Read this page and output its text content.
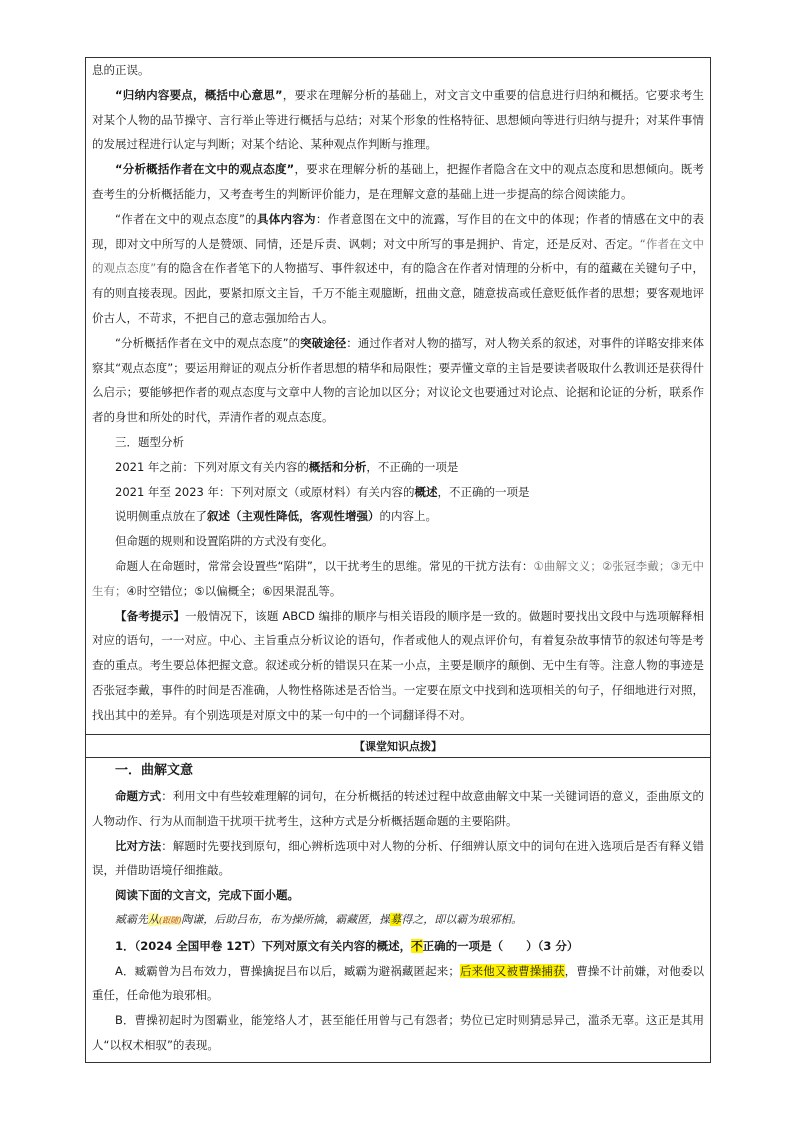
息的正误。

“归纳内容要点，概括中心意思”，要求在理解分析的基础上，对文言文中重要的信息进行归纳和概括。它要求考生对某个人物的品节操守、言行举止等进行概括与总结；对某个形象的性格特征、思想倾向等进行归纳与提升；对某件事情的发展过程进行认定与判断；对某个结论、某种观点作判断与推理。

“分析概括作者在文中的观点态度”，要求在理解分析的基础上，把握作者隐含在文中的观点态度和思想倾向。既考查考生的分析概括能力，又考查考生的判断评价能力，是在理解文意的基础上进一步提高的综合阅读能力。

“作者在文中的观点态度”的具体内容为：作者意图在文中的流露，写作目的在文中的体现；作者的情感在文中的表现，即对文中所写的人是赞颂、同情，还是斥责、讽刺；对文中所写的事是拥护、肯定，还是反对、否定。“作者在文中的观点态度”有的隐含在作者笔下的人物描写、事件叙述中，有的隐含在作者对情理的分析中，有的蕴藏在关键句子中，有的则直接表现。因此，要紧扣原文主旨，千万不能主观臆断，扭曲文意，随意拔高或任意贬低作者的思想；要客观地评价古人，不苛求，不把自己的意志强加给古人。

“分析概括作者在文中的观点态度”的突破途径：通过作者对人物的描写，对人物关系的叙述，对事件的详略安排来体察其“观点态度”；要运用辩证的观点分析作者思想的精华和局限性；要弄懂文章的主旨是要读者吸取什么教训还是获得什么启示；要能够把作者的观点态度与文章中人物的言论加以区分；对议论文也要通过对论点、论据和论证的分析，联系作者的身世和所处的时代，弄清作者的观点态度。

三．题型分析

2021 年之前：下列对原文有关内容的概括和分析，不正确的一项是

2021 年至 2023 年：下列对原文（或原材料）有关内容的概述，不正确的一项是

说明侧重点放在了叙述（主观性降低，客观性增强）的内容上。

但命题的规则和设置陷阱的方式没有变化。

命题人在命题时，常常会设置些“陷阱”，以干扰考生的思维。常见的干扰方法有：①曲解文义；②张冠李戴；③无中生有；④时空错位；⑤以偏概全；⑥因果混乱等。

【备考提示】一般情况下，该题 ABCD 编排的顺序与相关语段的顺序是一致的。做题时要找出文段中与选项解释相对应的语句，一一对应。中心、主旨重点分析议论的语句，作者或他人的观点评价句，有着复杂故事情节的叙述句等是考查的重点。考生要总体把握文意。叙述或分析的错误只在某一小点，主要是顺序的颠倒、无中生有等。注意人物的事迹是否张冠李戴，事件的时间是否准确，人物性格陈述是否恰当。一定要在原文中找到和选项相关的句子，仔细地进行对照，找出其中的差异。有个别选项是对原文中的某一句中的一个词翻译得不对。

【课堂知识点拨】

一．曲解文意

命题方式：利用文中有些较难理解的词句，在分析概括的转述过程中故意曲解文中某一关键词语的意义，歪曲原文的人物动作、行为从而制造干扰项干扰考生，这种方式是分析概括题命题的主要陷阱。

比对方法：解题时先要找到原句，细心辨析选项中对人物的分析、仔细辨认原文中的词句在进入选项后是否有释义错误，并借助语境仔细推敲。

阅读下面的文言文，完成下面小题。

臧霸先从(跟随)陶谦，后助吕布，布为操所擒，霸藏匿，操募得之，即以霸为琅邪相。

1．（2024 全国甲卷 12T）下列对原文有关内容的概述，不正确的一项是（　　）（3 分）

A．臧霸曾为吕布效力，曹操擒捉吕布以后，臧霸为避祸藏匿起来；后来他又被曹操捕获，曹操不计前嫌，对他委以重任，任命他为琅邪相。

B．曹操初起时为图霸业，能笼络人才，甚至能任用曾与己有怨者；势位已定时则猜忌异己，滥杀无辜。这正是其用人“以权术相驭”的表现。
